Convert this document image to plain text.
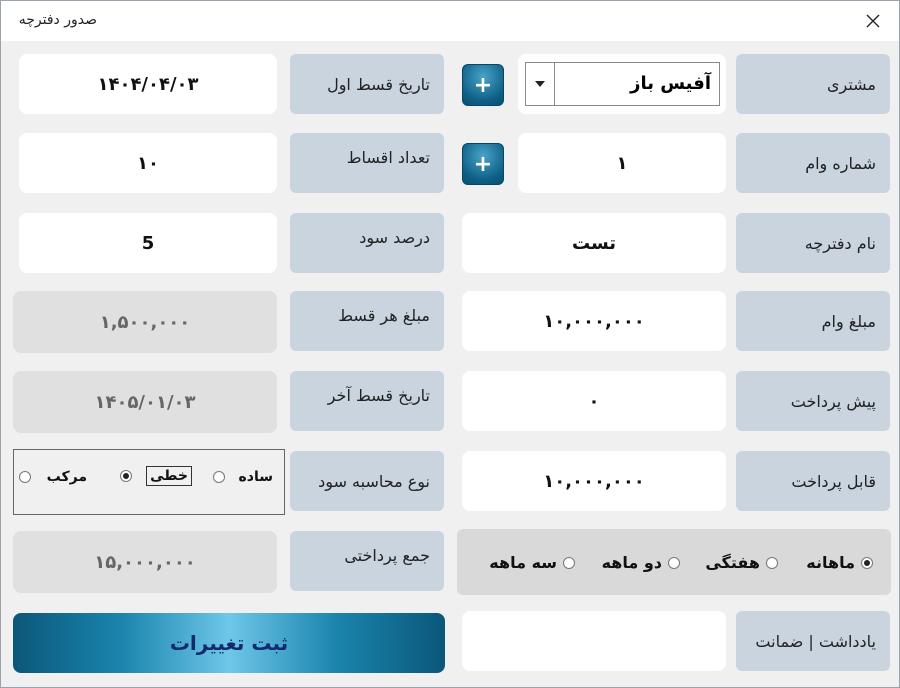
صدور دفترچه
مشتری
شماره وام
نام دفترچه
مبلغ وام
پیش پرداخت
قابل پرداخت
یادداشت | ضمانت
آفیس باز
+
۱
+
تست
۱۰,۰۰۰,۰۰۰
۰
۱۰,۰۰۰,۰۰۰
ماهانه
هفتگی
دو ماهه
سه ماهه
تاریخ قسط اول
تعداد اقساط
درصد سود
مبلغ هر قسط
تاریخ قسط آخر
نوع محاسبه سود
جمع پرداختی
۱۴۰۴/۰۴/۰۳
۱۰
5
۱,۵۰۰,۰۰۰
۱۴۰۵/۰۱/۰۳
ساده
خطی
مرکب
۱۵,۰۰۰,۰۰۰
ثبت تغییرات
